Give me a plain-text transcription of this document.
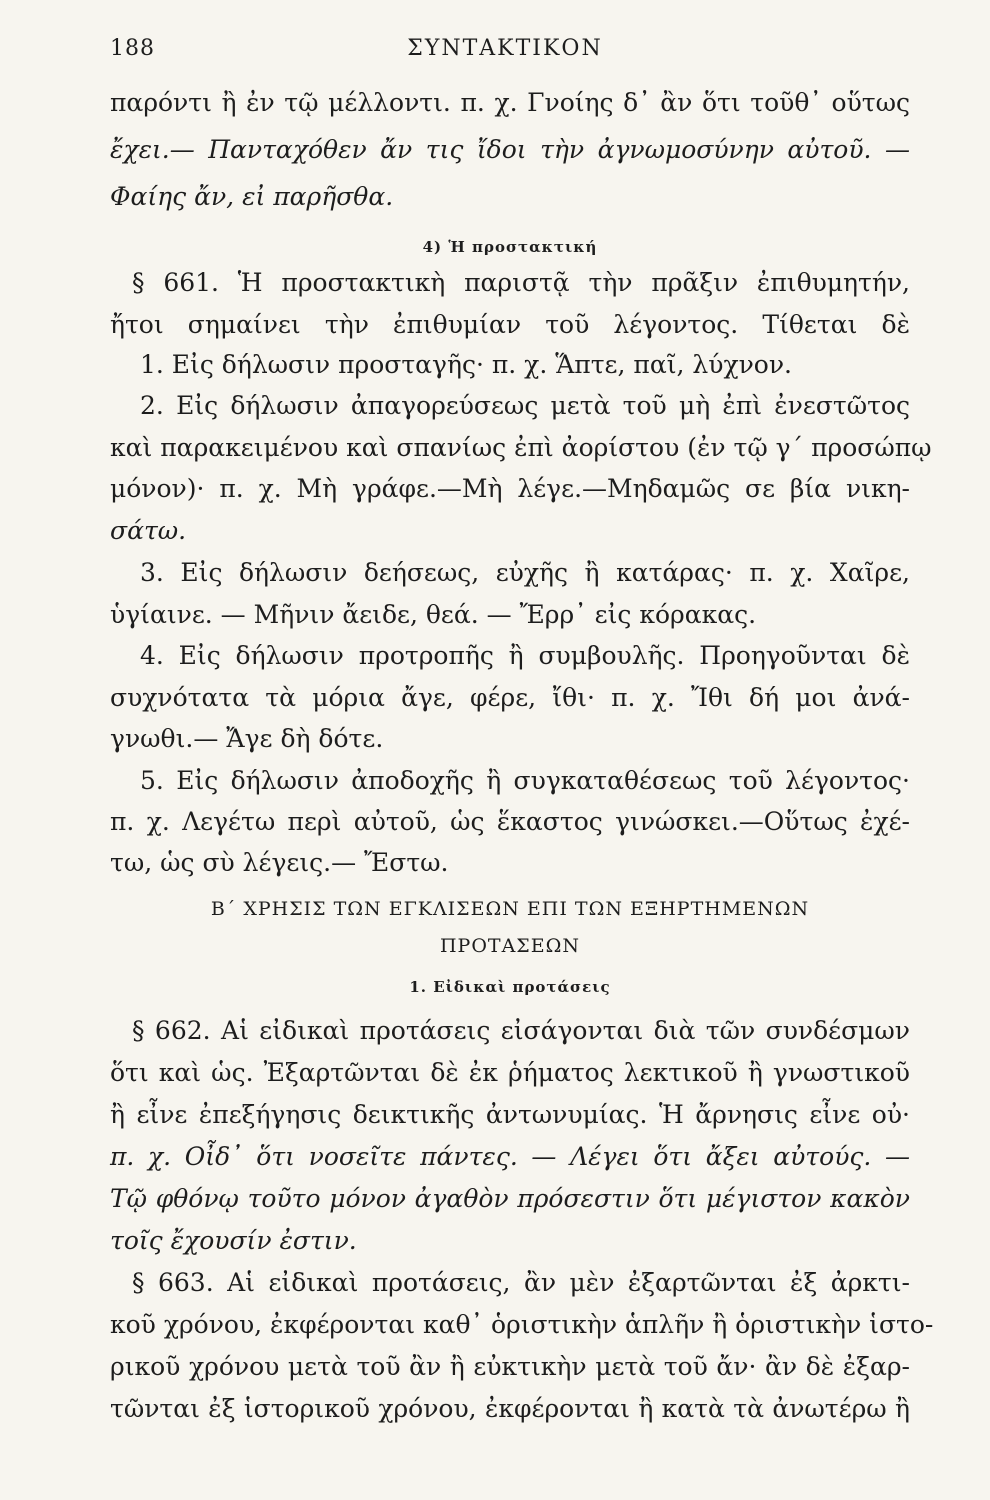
188	ΣΥΝΤΑΚΤΙΚΟΝ
παρόντι ἢ ἐν τῷ μέλλοντι. π. χ. Γνοίης δ᾽ ἂν ὅτι τοῦθ᾽ οὕτως
ἔχει.— Πανταχόθεν ἄν τις ἴδοι τὴν ἀγνωμοσύνην αὐτοῦ. —
Φαίης ἄν, εἰ παρῆσθα.
4) Ἡ προστακτική
§ 661. Ἡ προστακτικὴ παριστᾷ τὴν πρᾶξιν ἐπιθυμητήν,
ἤτοι σημαίνει τὴν ἐπιθυμίαν τοῦ λέγοντος. Τίθεται δὲ
1. Εἰς δήλωσιν προσταγῆς· π. χ. Ἅπτε, παῖ, λύχνον.
2. Εἰς δήλωσιν ἀπαγορεύσεως μετὰ τοῦ μὴ ἐπὶ ἐνεστῶτος
καὶ παρακειμένου καὶ σπανίως ἐπὶ ἀορίστου (ἐν τῷ γ´ προσώπῳ
μόνον)· π. χ. Μὴ γράφε.—Μὴ λέγε.—Μηδαμῶς σε βία νικη-
σάτω.
3. Εἰς δήλωσιν δεήσεως, εὐχῆς ἢ κατάρας· π. χ. Χαῖρε,
ὑγίαινε. — Μῆνιν ἄειδε, θεά. — Ἔρρ᾽ εἰς κόρακας.
4. Εἰς δήλωσιν προτροπῆς ἢ συμβουλῆς. Προηγοῦνται δὲ
συχνότατα τὰ μόρια ἄγε, φέρε, ἴθι· π. χ. Ἴθι δή μοι ἀνά-
γνωθι.— Ἄγε δὴ δότε.
5. Εἰς δήλωσιν ἀποδοχῆς ἢ συγκαταθέσεως τοῦ λέγοντος·
π. χ. Λεγέτω περὶ αὐτοῦ, ὡς ἕκαστος γινώσκει.—Οὕτως ἐχέ-
τω, ὡς σὺ λέγεις.— Ἔστω.
Β´ ΧΡΗΣΙΣ ΤΩΝ ΕΓΚΛΙΣΕΩΝ ΕΠΙ ΤΩΝ ΕΞΗΡΤΗΜΕΝΩΝ
ΠΡΟΤΑΣΕΩΝ
1. Εἰδικαὶ προτάσεις
§ 662. Αἱ εἰδικαὶ προτάσεις εἰσάγονται διὰ τῶν συνδέσμων
ὅτι καὶ ὡς. Ἐξαρτῶνται δὲ ἐκ ῥήματος λεκτικοῦ ἢ γνωστικοῦ
ἢ εἶνε ἐπεξήγησις δεικτικῆς ἀντωνυμίας. Ἡ ἄρνησις εἶνε οὐ·
π. χ. Οἶδ᾽ ὅτι νοσεῖτε πάντες. — Λέγει ὅτι ἄξει αὐτούς. —
Τῷ φθόνῳ τοῦτο μόνον ἀγαθὸν πρόσεστιν ὅτι μέγιστον κακὸν
τοῖς ἔχουσίν ἐστιν.
§ 663. Αἱ εἰδικαὶ προτάσεις, ἂν μὲν ἐξαρτῶνται ἐξ ἀρκτι-
κοῦ χρόνου, ἐκφέρονται καθ᾽ ὁριστικὴν ἁπλῆν ἢ ὁριστικὴν ἱστο-
ρικοῦ χρόνου μετὰ τοῦ ἂν ἢ εὐκτικὴν μετὰ τοῦ ἄν· ἂν δὲ ἐξαρ-
τῶνται ἐξ ἱστορικοῦ χρόνου, ἐκφέρονται ἢ κατὰ τὰ ἀνωτέρω ἢ
